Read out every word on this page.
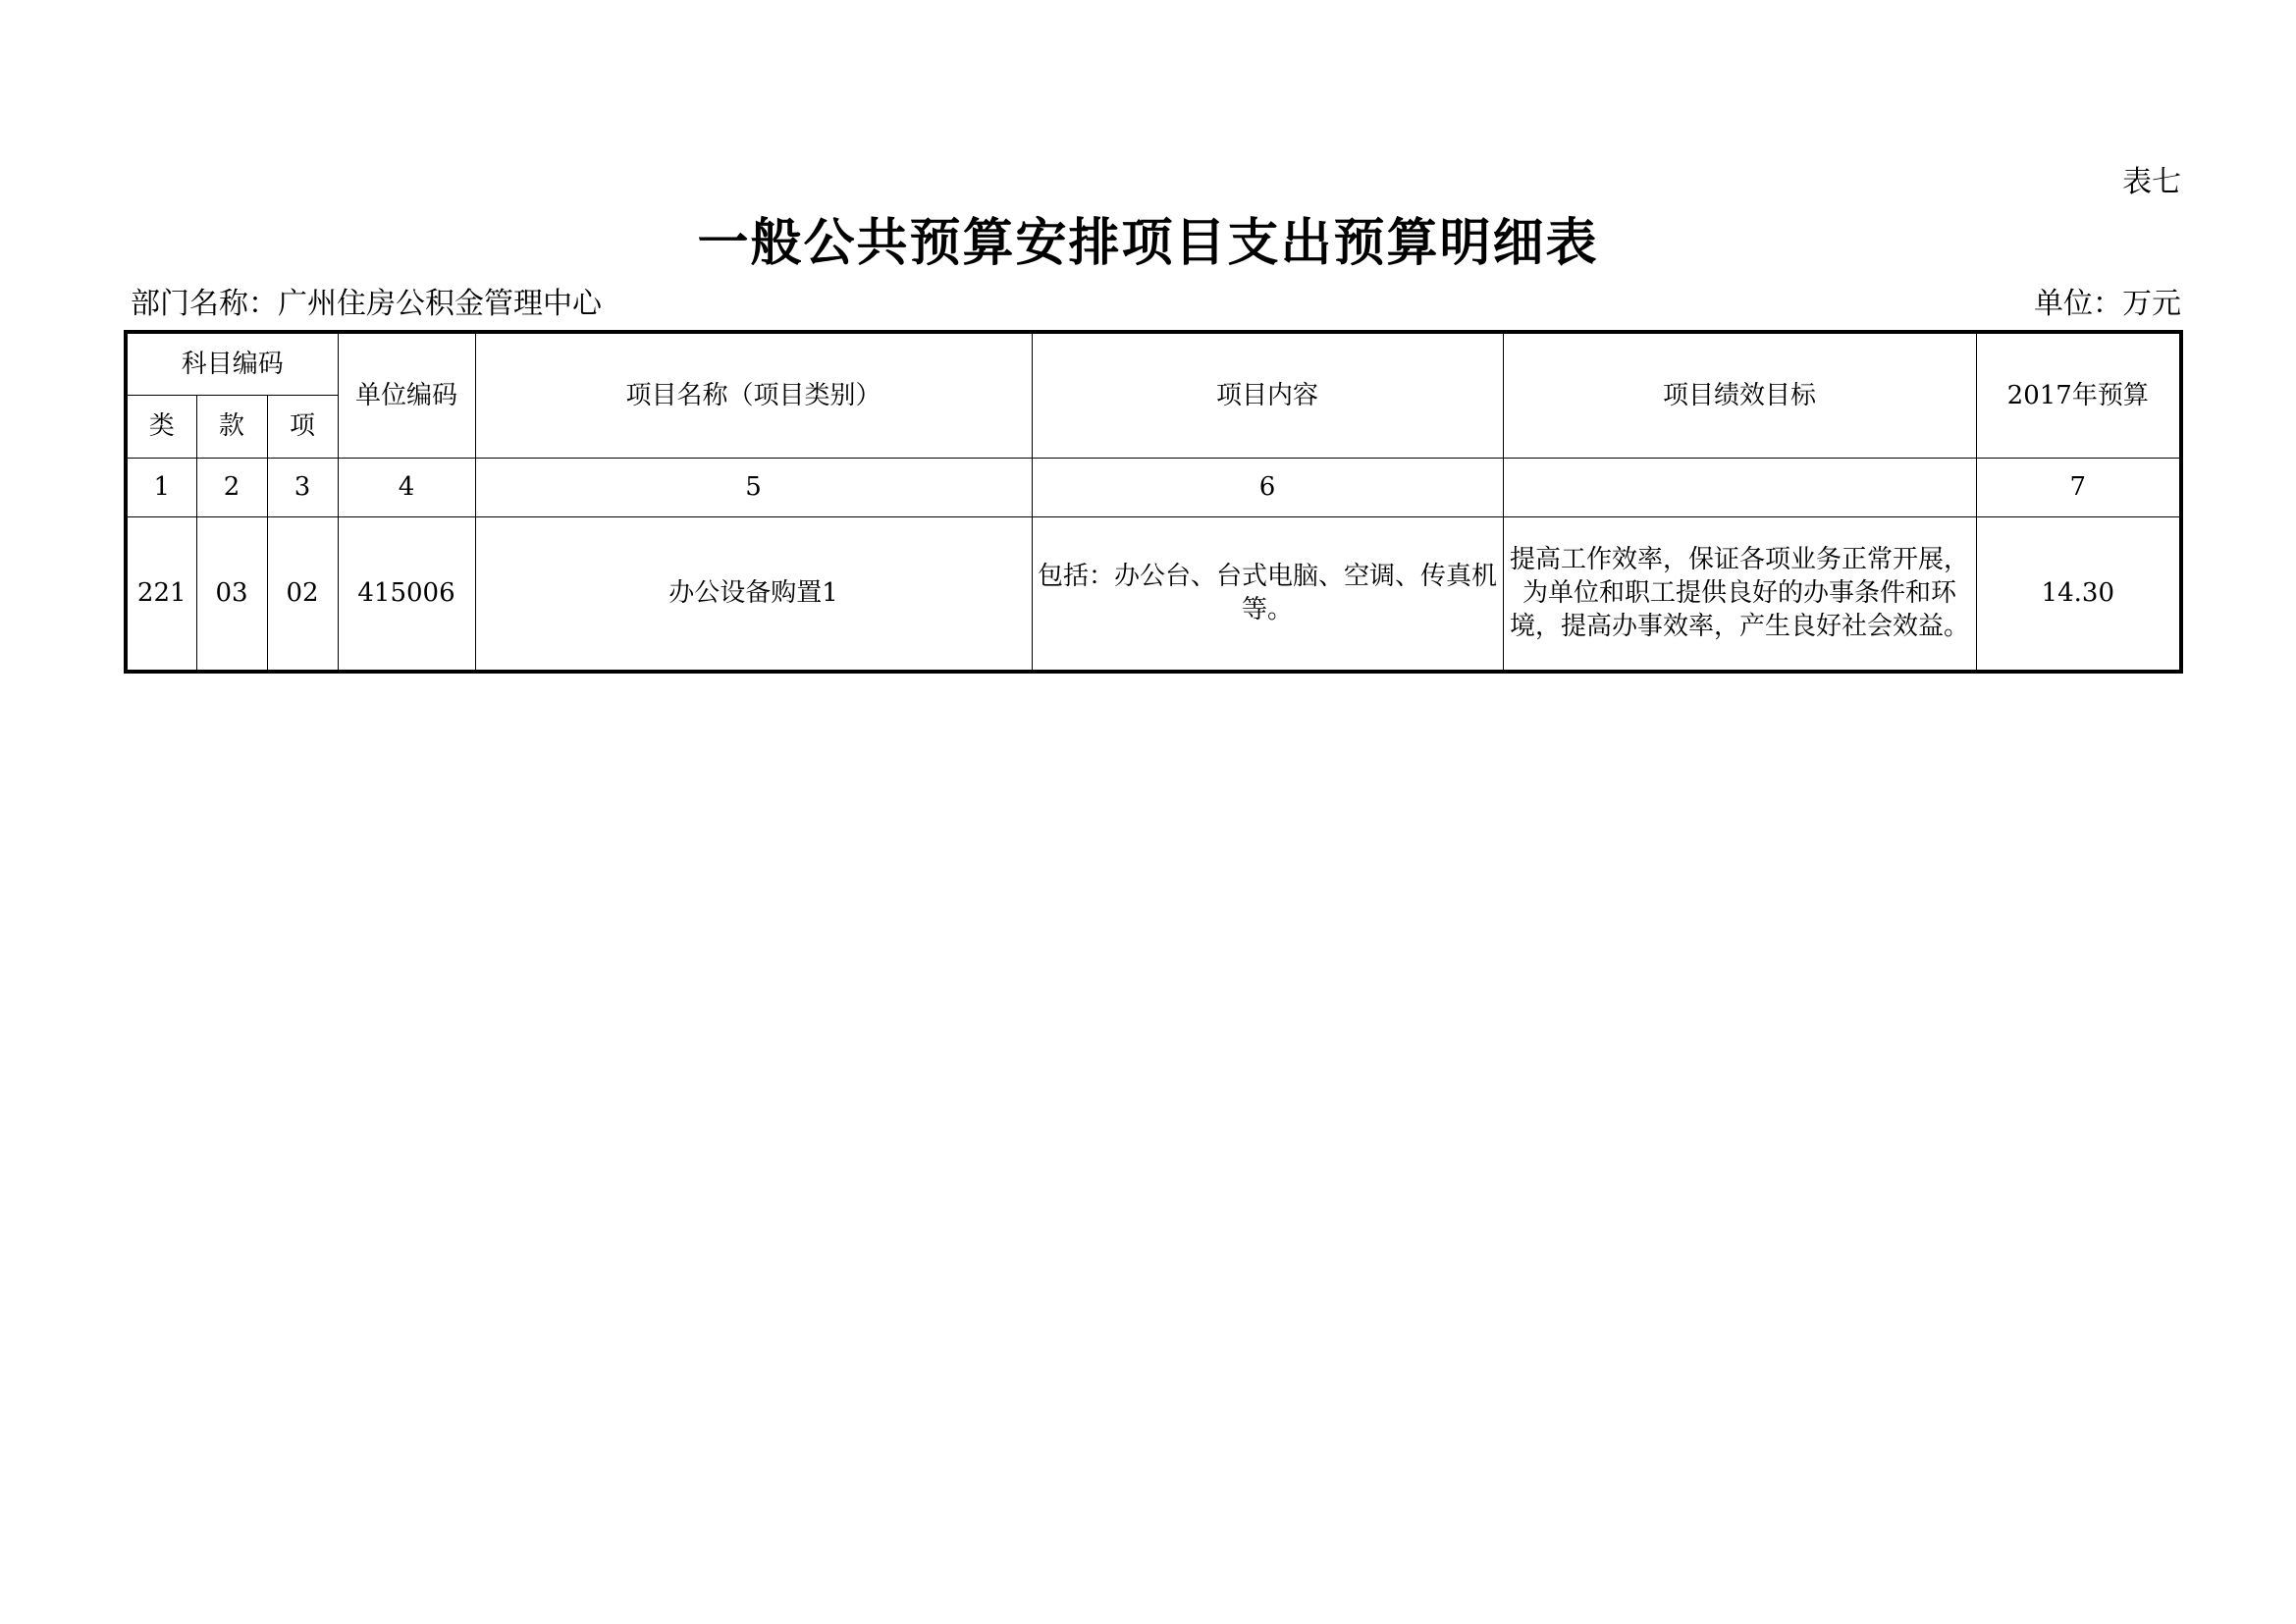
表七
一般公共预算安排项目支出预算明细表
部门名称：广州住房公积金管理中心	单位：万元
科目编码			单位编码	项目名称（项目类别）	项目内容	项目绩效目标	2017年预算
类	款	项					
1	2	3	4	5	6		7
221	03	02	415006	办公设备购置1	包括：办公台、台式电脑、空调、传真机等。	提高工作效率，保证各项业务正常开展，为单位和职工提供良好的办事条件和环境，提高办事效率，产生良好社会效益。	14.30
